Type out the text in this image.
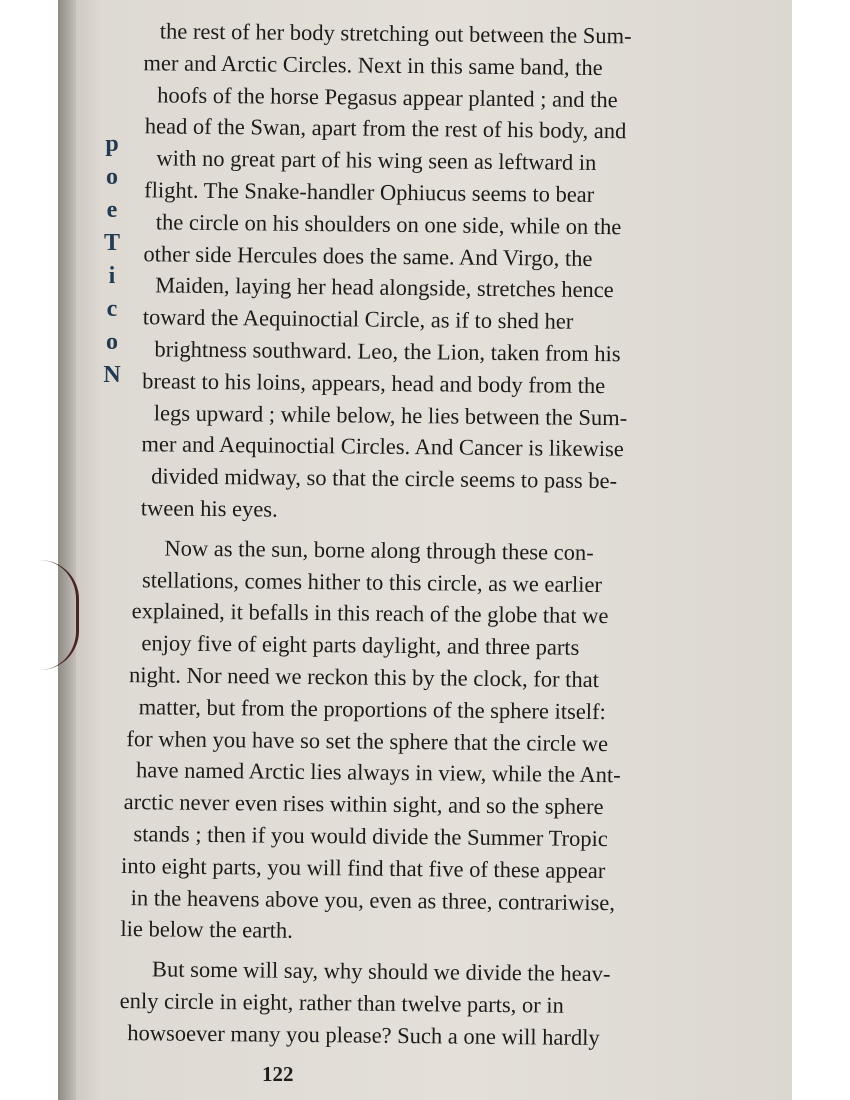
p
o
e
T
i
c
o
N
the rest of her body stretching out between the Sum-
mer and Arctic Circles. Next in this same band, the
hoofs of the horse Pegasus appear planted ; and the
head of the Swan, apart from the rest of his body, and
with no great part of his wing seen as leftward in
flight. The Snake-handler Ophiucus seems to bear
the circle on his shoulders on one side, while on the
other side Hercules does the same. And Virgo, the
Maiden, laying her head alongside, stretches hence
toward the Aequinoctial Circle, as if to shed her
brightness southward. Leo, the Lion, taken from his
breast to his loins, appears, head and body from the
legs upward ; while below, he lies between the Sum-
mer and Aequinoctial Circles. And Cancer is likewise
divided midway, so that the circle seems to pass be-
tween his eyes.
Now as the sun, borne along through these con-
stellations, comes hither to this circle, as we earlier
explained, it befalls in this reach of the globe that we
enjoy five of eight parts daylight, and three parts
night. Nor need we reckon this by the clock, for that
matter, but from the proportions of the sphere itself:
for when you have so set the sphere that the circle we
have named Arctic lies always in view, while the Ant-
arctic never even rises within sight, and so the sphere
stands ; then if you would divide the Summer Tropic
into eight parts, you will find that five of these appear
in the heavens above you, even as three, contrariwise,
lie below the earth.
But some will say, why should we divide the heav-
enly circle in eight, rather than twelve parts, or in
howsoever many you please? Such a one will hardly
122
